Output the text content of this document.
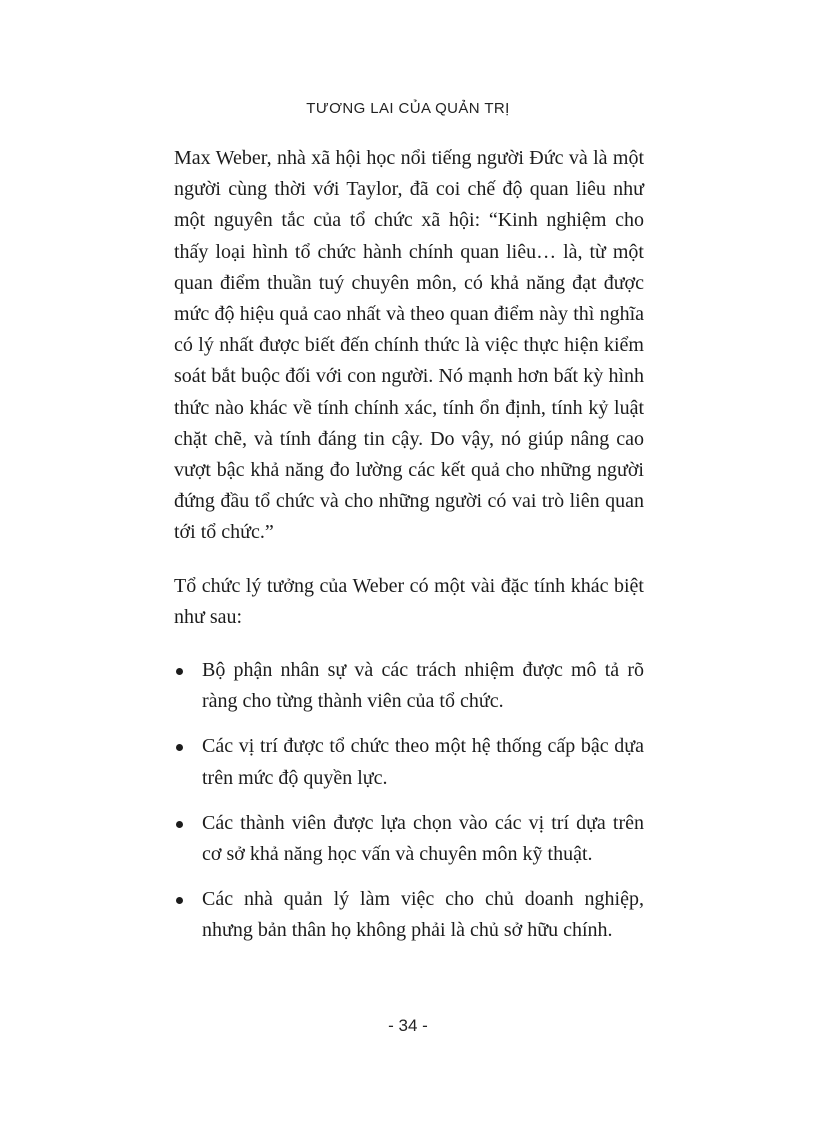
TƯƠNG LAI CỦA QUẢN TRỊ

Max Weber, nhà xã hội học nổi tiếng người Đức và là một người cùng thời với Taylor, đã coi chế độ quan liêu như một nguyên tắc của tổ chức xã hội: “Kinh nghiệm cho thấy loại hình tổ chức hành chính quan liêu… là, từ một quan điểm thuần tuý chuyên môn, có khả năng đạt được mức độ hiệu quả cao nhất và theo quan điểm này thì nghĩa có lý nhất được biết đến chính thức là việc thực hiện kiểm soát bắt buộc đối với con người. Nó mạnh hơn bất kỳ hình thức nào khác về tính chính xác, tính ổn định, tính kỷ luật chặt chẽ, và tính đáng tin cậy. Do vậy, nó giúp nâng cao vượt bậc khả năng đo lường các kết quả cho những người đứng đầu tổ chức và cho những người có vai trò liên quan tới tổ chức.”

Tổ chức lý tưởng của Weber có một vài đặc tính khác biệt như sau:

Bộ phận nhân sự và các trách nhiệm được mô tả rõ ràng cho từng thành viên của tổ chức.
Các vị trí được tổ chức theo một hệ thống cấp bậc dựa trên mức độ quyền lực.
Các thành viên được lựa chọn vào các vị trí dựa trên cơ sở khả năng học vấn và chuyên môn kỹ thuật.
Các nhà quản lý làm việc cho chủ doanh nghiệp, nhưng bản thân họ không phải là chủ sở hữu chính.
- 34 -
